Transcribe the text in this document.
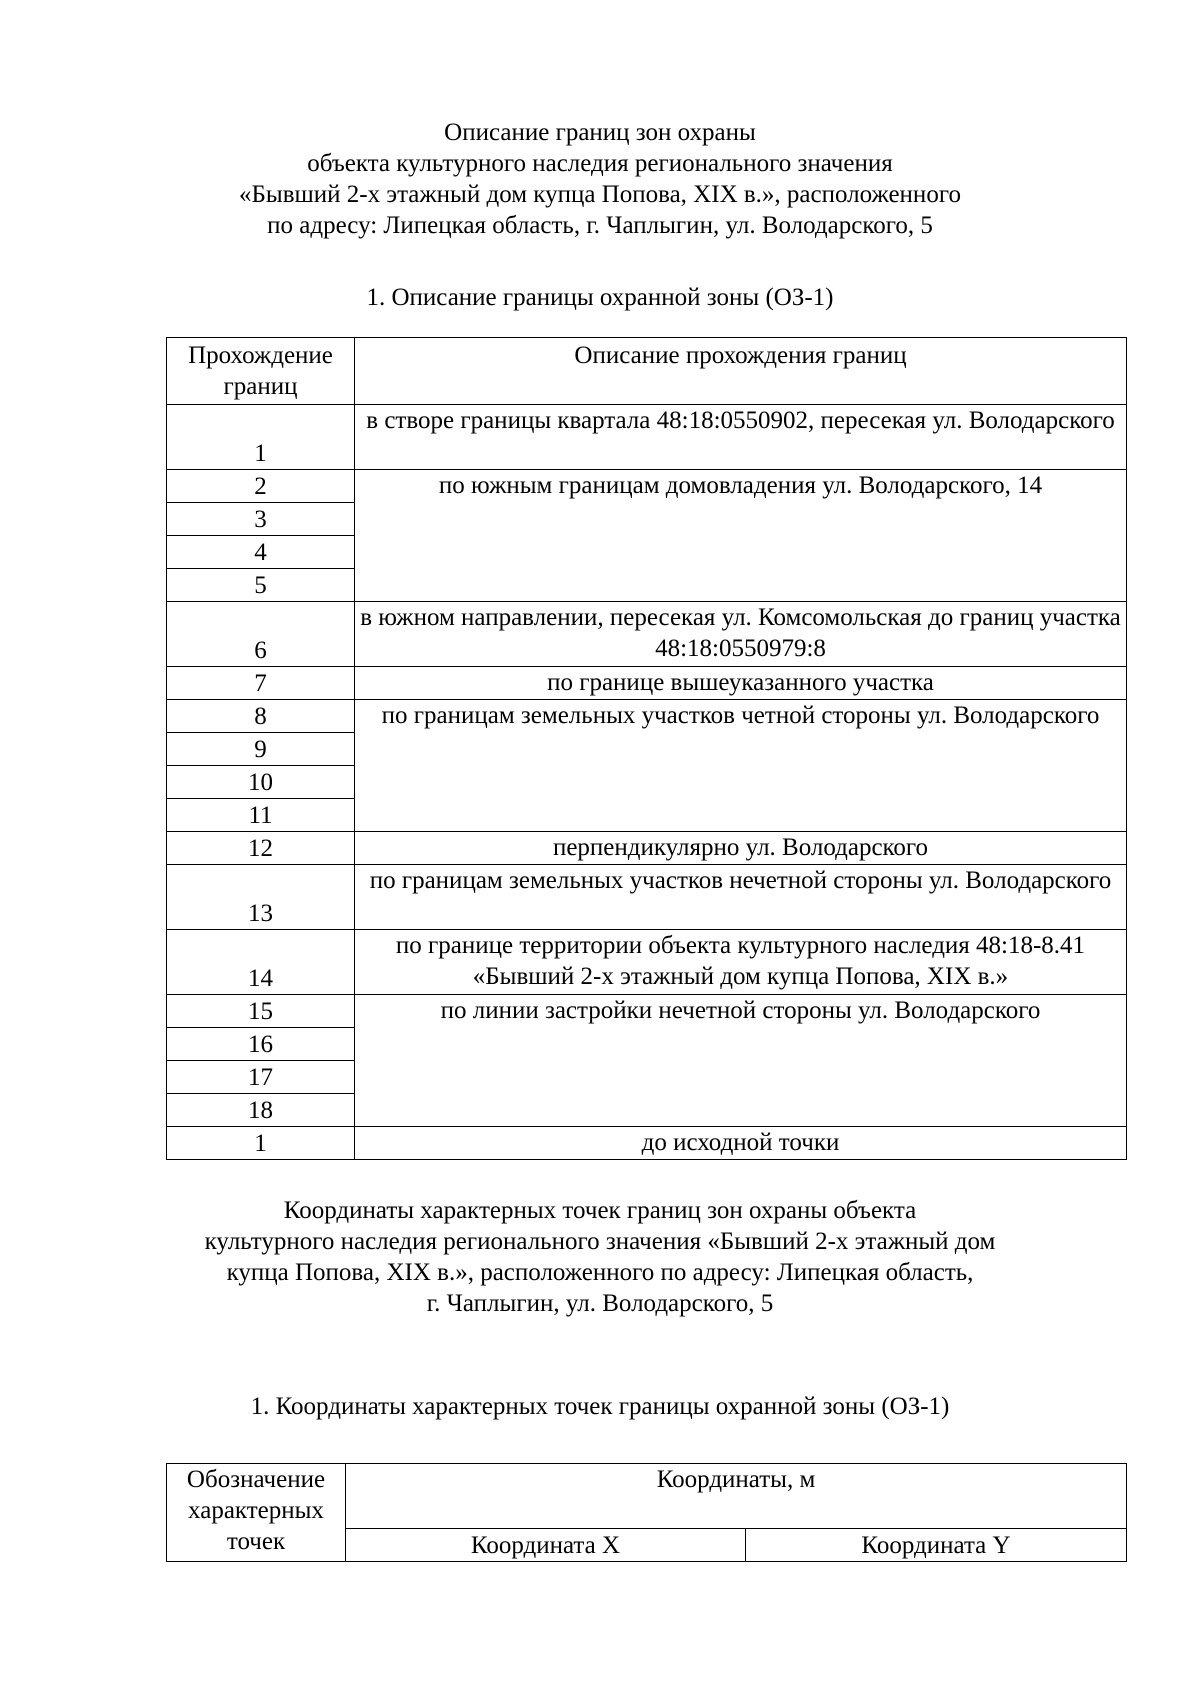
Описание границ зон охраны
объекта культурного наследия регионального значения
«Бывший 2-х этажный дом купца Попова, XIX в.», расположенного
по адресу: Липецкая область, г. Чаплыгин, ул. Володарского, 5
1. Описание границы охранной зоны (ОЗ-1)
Прохождение границ	Описание прохождения границ
1	в створе границы квартала 48:18:0550902, пересекая ул. Володарского
2	по южным границам домовладения ул. Володарского, 14
3	
4	
5	
6	в южном направлении, пересекая ул. Комсомольская до границ участка 48:18:0550979:8
7	по границе вышеуказанного участка
8	по границам земельных участков четной стороны ул. Володарского
9	
10	
11	
12	перпендикулярно ул. Володарского
13	по границам земельных участков нечетной стороны ул. Володарского
14	по границе территории объекта культурного наследия 48:18-8.41 «Бывший 2-х этажный дом купца Попова, XIX в.»
15	по линии застройки нечетной стороны ул. Володарского
16	
17	
18	
1	до исходной точки
Координаты характерных точек границ зон охраны объекта
культурного наследия регионального значения «Бывший 2-х этажный дом
купца Попова, XIX в.», расположенного по адресу: Липецкая область,
г. Чаплыгин, ул. Володарского, 5
1. Координаты характерных точек границы охранной зоны (ОЗ-1)
Обозначение характерных точек	Координаты, м	
	Координата X	Координата Y
